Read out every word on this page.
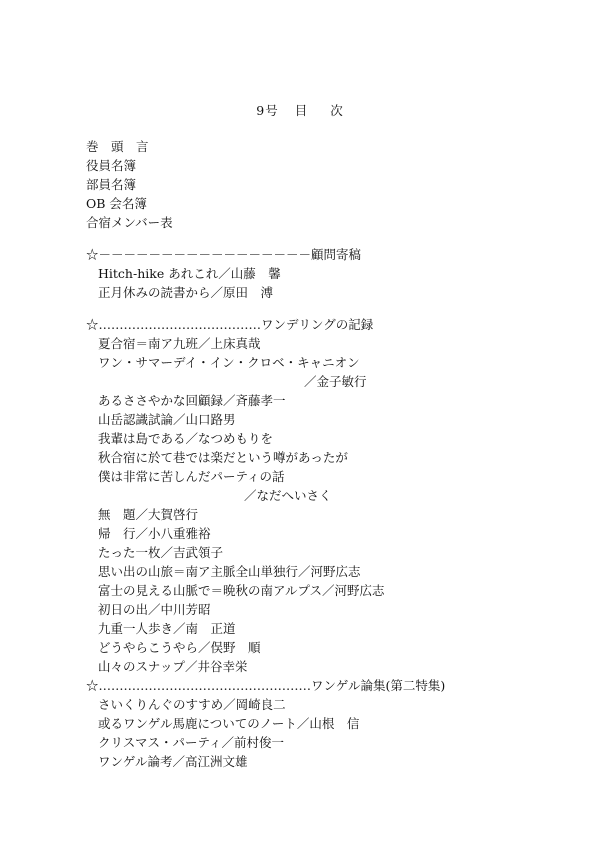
9号 目 次
巻　頭　言
役員名簿
部員名簿
OB 会名簿
合宿メンバー表
☆－－－－－－－－－－－－－－－－－顧問寄稿
Hitch-hike あれこれ／山藤　馨
正月休みの読書から／原田　溥
☆…………………………………ワンデリングの記録
夏合宿＝南ア九班／上床真哉
ワン・サマーデイ・イン・クロベ・キャニオン
／金子敏行
あるささやかな回顧録／斉藤孝一
山岳認識試論／山口路男
我輩は島である／なつめもりを
秋合宿に於て巷では楽だという噂があったが
僕は非常に苦しんだパーティの話
／なだへいさく
無　題／大賀啓行
帰　行／小八重雅裕
たった一枚／吉武領子
思い出の山旅＝南ア主脈全山単独行／河野広志
富士の見える山脈で＝晩秋の南アルプス／河野広志
初日の出／中川芳昭
九重一人歩き／南　正道
どうやらこうやら／俣野　順
山々のスナップ／井谷幸栄
☆……………………………………………ワンゲル論集(第二特集)
さいくりんぐのすすめ／岡崎良二
或るワンゲル馬鹿についてのノート／山根　信
クリスマス・パーティ／前村俊一
ワンゲル論考／高江洲文雄
